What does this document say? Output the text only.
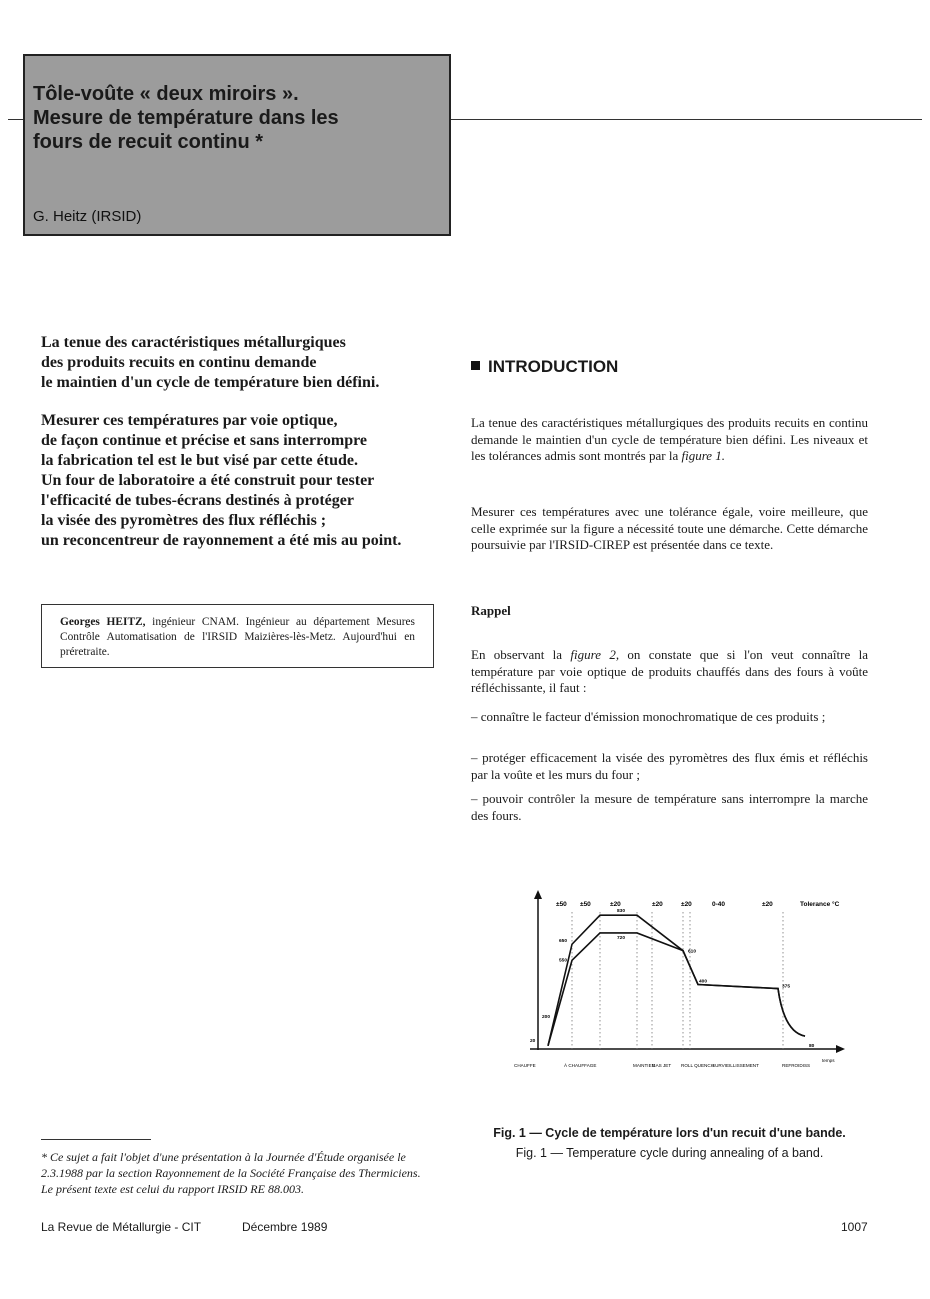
Tôle-voûte « deux miroirs ».
Mesure de température dans les
fours de recuit continu *
G. Heitz (IRSID)
La tenue des caractéristiques métallurgiques
des produits recuits en continu demande
le maintien d'un cycle de température bien défini.
Mesurer ces températures par voie optique,
de façon continue et précise et sans interrompre
la fabrication tel est le but visé par cette étude.
Un four de laboratoire a été construit pour tester
l'efficacité de tubes-écrans destinés à protéger
la visée des pyromètres des flux réfléchis ;
un reconcentreur de rayonnement a été mis au point.
Georges HEITZ, ingénieur CNAM. Ingénieur au département Mesures Contrôle Automatisation de l'IRSID Maizières-lès-Metz. Aujourd'hui en préretraite.
INTRODUCTION
La tenue des caractéristiques métallurgiques des produits recuits en continu demande le maintien d'un cycle de température bien défini. Les niveaux et les tolérances admis sont montrés par la figure 1.
Mesurer ces températures avec une tolérance égale, voire meilleure, que celle exprimée sur la figure a nécessité toute une démarche. Cette démarche poursuivie par l'IRSID-CIREP est présentée dans ce texte.
Rappel
En observant la figure 2, on constate que si l'on veut connaître la température par voie optique de produits chauffés dans des fours à voûte réfléchissante, il faut :
– connaître le facteur d'émission monochromatique de ces produits ;
– protéger efficacement la visée des pyromètres des flux émis et réfléchis par la voûte et les murs du four ;
– pouvoir contrôler la mesure de température sans interrompre la marche des fours.
830
720
650
550
610
400
375
200
20
80
±50 ±50	±20	±20	±20	0-40	±20	Tolerance °C
CHAUFFE	À CHAUFFAGE	MAINTIEN
GAS JET ROLL QUENCH
SURVIEILLISSEMENT	REFROIDISS
temps
Fig. 1 — Cycle de température lors d'un recuit d'une bande.
Fig. 1 — Temperature cycle during annealing of a band.
* Ce sujet a fait l'objet d'une présentation à la Journée d'Étude organisée le 2.3.1988 par la section Rayonnement de la Société Française des Thermiciens. Le présent texte est celui du rapport IRSID RE 88.003.
La Revue de Métallurgie - CIT	Décembre 1989	1007
